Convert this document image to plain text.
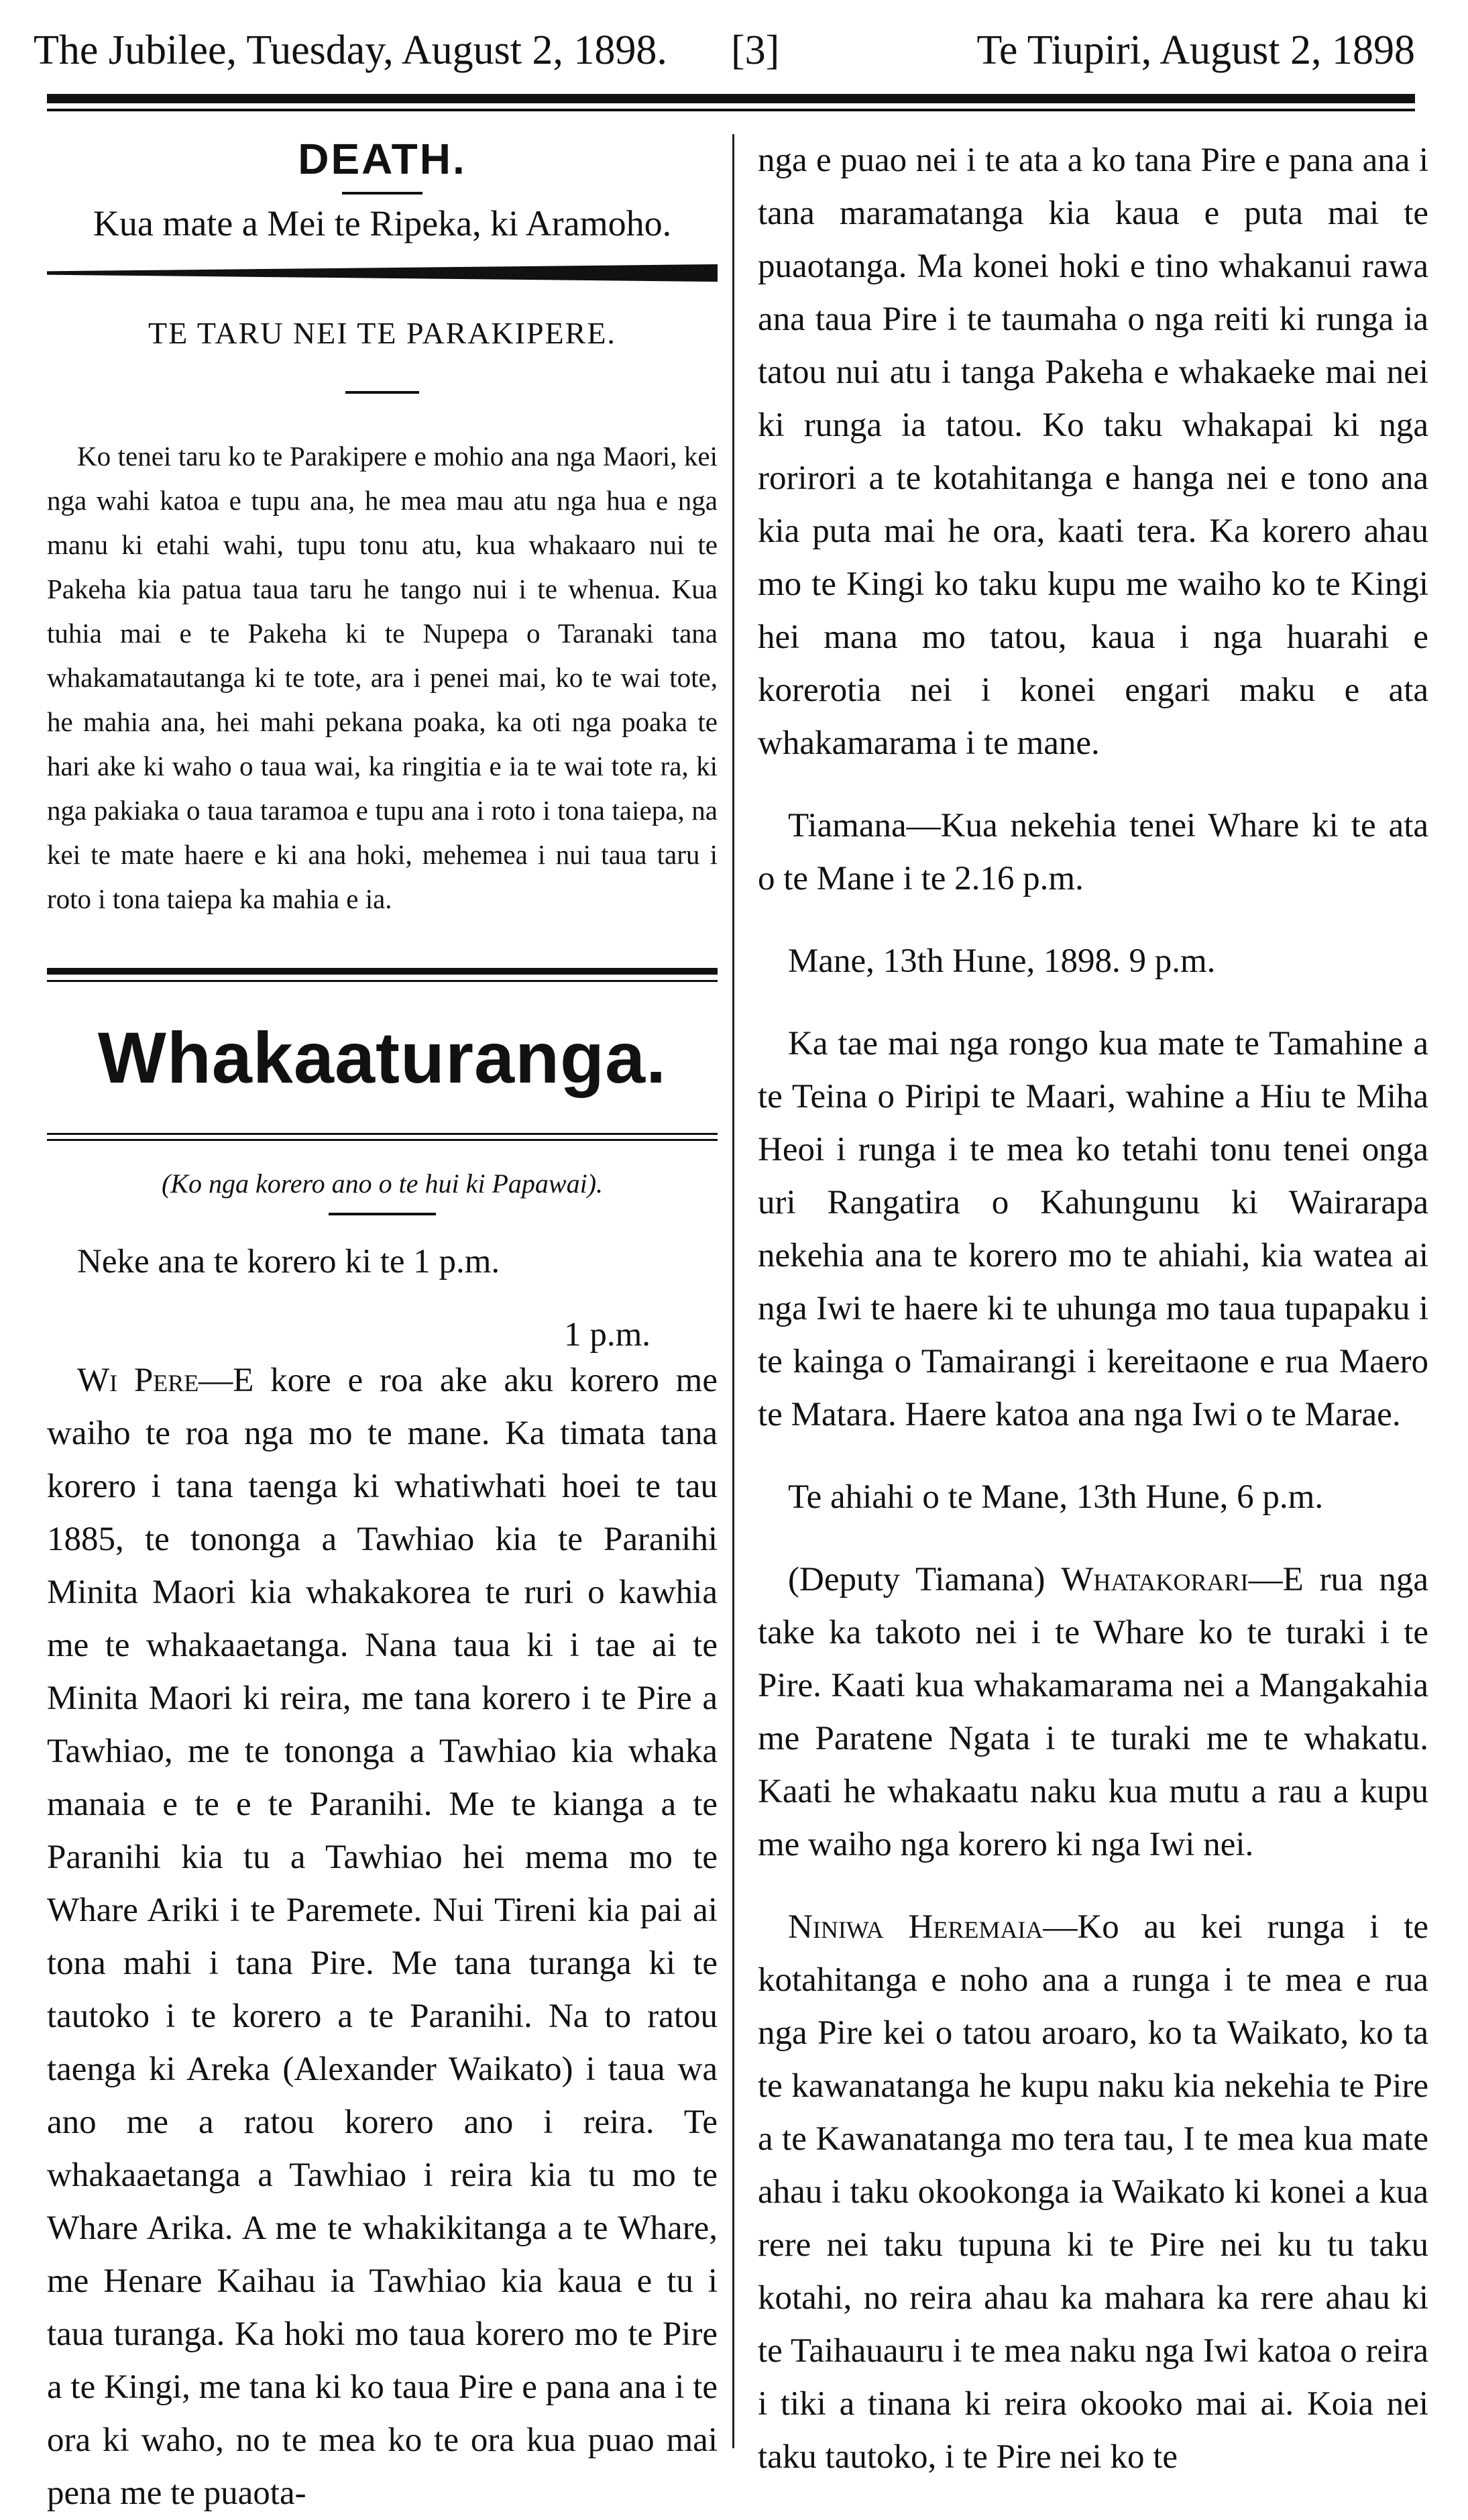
The Jubilee, Tuesday, August 2, 1898. [3]	Te Tiupiri, August 2, 1898
DEATH.
Kua mate a Mei te Ripeka, ki Aramoho.
TE TARU NEI TE PARAKIPERE.

Ko tenei taru ko te Parakipere e mohio ana nga Maori, kei nga wahi katoa e tupu ana, he mea mau atu nga hua e nga manu ki etahi wahi, tupu tonu atu, kua whakaaro nui te Pakeha kia patua taua taru he tango nui i te whenua. Kua tuhia mai e te Pakeha ki te Nupepa o Taranaki tana whakamatautanga ki te tote, ara i penei mai, ko te wai tote, he mahia ana, hei mahi pekana poaka, ka oti nga poaka te hari ake ki waho o taua wai, ka ringitia e ia te wai tote ra, ki nga pakiaka o taua taramoa e tupu ana i roto i tona taiepa, na kei te mate haere e ki ana hoki, mehemea i nui taua taru i roto i tona taiepa ka mahia e ia.

Whakaaturanga.
(Ko nga korero ano o te hui ki Papawai).

Neke ana te korero ki te 1 p.m.

1 p.m.

Wi Pere—E kore e roa ake aku korero me waiho te roa nga mo te mane. Ka timata tana korero i tana taenga ki whatiwhati hoei te tau 1885, te tononga a Tawhiao kia te Paranihi Minita Maori kia whakakorea te ruri o kawhia me te whakaaetanga. Nana taua ki i tae ai te Minita Maori ki reira, me tana korero i te Pire a Tawhiao, me te tononga a Tawhiao kia whaka manaia e te e te Paranihi. Me te kianga a te Paranihi kia tu a Tawhiao hei mema mo te Whare Ariki i te Paremete. Nui Tireni kia pai ai tona mahi i tana Pire. Me tana turanga ki te tautoko i te korero a te Paranihi. Na to ratou taenga ki Areka (Alexander Waikato) i taua wa ano me a ratou korero ano i reira. Te whakaaetanga a Tawhiao i reira kia tu mo te Whare Arika. A me te whakikitanga a te Whare, me Henare Kaihau ia Tawhiao kia kaua e tu i taua turanga. Ka hoki mo taua korero mo te Pire a te Kingi, me tana ki ko taua Pire e pana ana i te ora ki waho, no te mea ko te ora kua puao mai pena me te puaota-

nga e puao nei i te ata a ko tana Pire e pana ana i tana maramatanga kia kaua e puta mai te puaotanga. Ma konei hoki e tino whakanui rawa ana taua Pire i te taumaha o nga reiti ki runga ia tatou nui atu i tanga Pakeha e whakaeke mai nei ki runga ia tatou. Ko taku whakapai ki nga rorirori a te kotahitanga e hanga nei e tono ana kia puta mai he ora, kaati tera. Ka korero ahau mo te Kingi ko taku kupu me waiho ko te Kingi hei mana mo tatou, kaua i nga huarahi e korerotia nei i konei engari maku e ata whakamarama i te mane.

Tiamana—Kua nekehia tenei Whare ki te ata o te Mane i te 2.16 p.m.

Mane, 13th Hune, 1898. 9 p.m.

Ka tae mai nga rongo kua mate te Tamahine a te Teina o Piripi te Maari, wahine a Hiu te Miha Heoi i runga i te mea ko tetahi tonu tenei onga uri Rangatira o Kahungunu ki Wairarapa nekehia ana te korero mo te ahiahi, kia watea ai nga Iwi te haere ki te uhunga mo taua tupapaku i te kainga o Tamairangi i kereitaone e rua Maero te Matara. Haere katoa ana nga Iwi o te Marae.

Te ahiahi o te Mane, 13th Hune, 6 p.m.

(Deputy Tiamana) Whatakorari—E rua nga take ka takoto nei i te Whare ko te turaki i te Pire. Kaati kua whakamarama nei a Mangakahia me Paratene Ngata i te turaki me te whakatu. Kaati he whakaatu naku kua mutu a rau a kupu me waiho nga korero ki nga Iwi nei.

Niniwa Heremaia—Ko au kei runga i te kotahitanga e noho ana a runga i te mea e rua nga Pire kei o tatou aroaro, ko ta Waikato, ko ta te kawanatanga he kupu naku kia nekehia te Pire a te Kawanatanga mo tera tau, I te mea kua mate ahau i taku okookonga ia Waikato ki konei a kua rere nei taku tupuna ki te Pire nei ku tu taku kotahi, no reira ahau ka mahara ka rere ahau ki te Taihauauru i te mea naku nga Iwi katoa o reira i tiki a tinana ki reira okooko mai ai. Koia nei taku tautoko, i te Pire nei ko te
